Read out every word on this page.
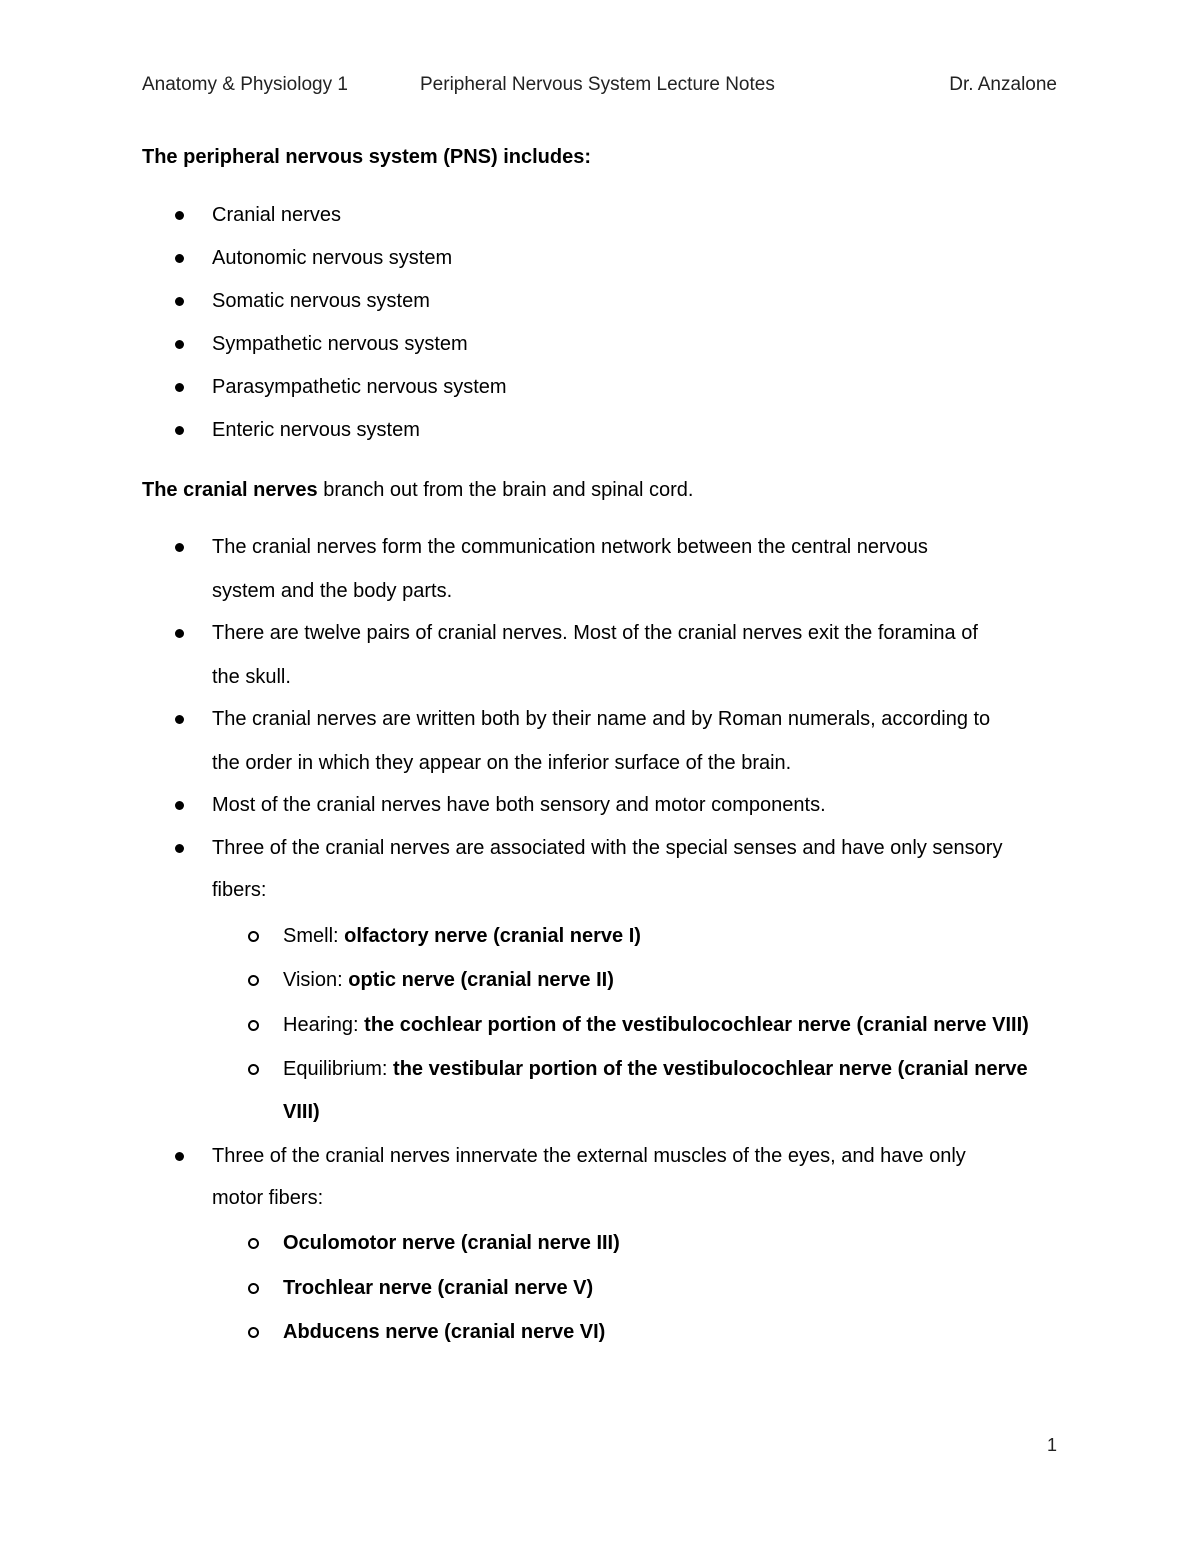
Anatomy & Physiology 1	Peripheral Nervous System Lecture Notes	Dr. Anzalone
The peripheral nervous system (PNS) includes:
Cranial nerves
Autonomic nervous system
Somatic nervous system
Sympathetic nervous system
Parasympathetic nervous system
Enteric nervous system
The cranial nerves branch out from the brain and spinal cord.
The cranial nerves form the communication network between the central nervous
system and the body parts.
There are twelve pairs of cranial nerves. Most of the cranial nerves exit the foramina of
the skull.
The cranial nerves are written both by their name and by Roman numerals, according to
the order in which they appear on the inferior surface of the brain.
Most of the cranial nerves have both sensory and motor components.
Three of the cranial nerves are associated with the special senses and have only sensory
fibers:
Smell: olfactory nerve (cranial nerve I)
Vision: optic nerve (cranial nerve II)
Hearing: the cochlear portion of the vestibulocochlear nerve (cranial nerve VIII)
Equilibrium: the vestibular portion of the vestibulocochlear nerve (cranial nerve
VIII)
Three of the cranial nerves innervate the external muscles of the eyes, and have only
motor fibers:
Oculomotor nerve (cranial nerve III)
Trochlear nerve (cranial nerve V)
Abducens nerve (cranial nerve VI)
1
